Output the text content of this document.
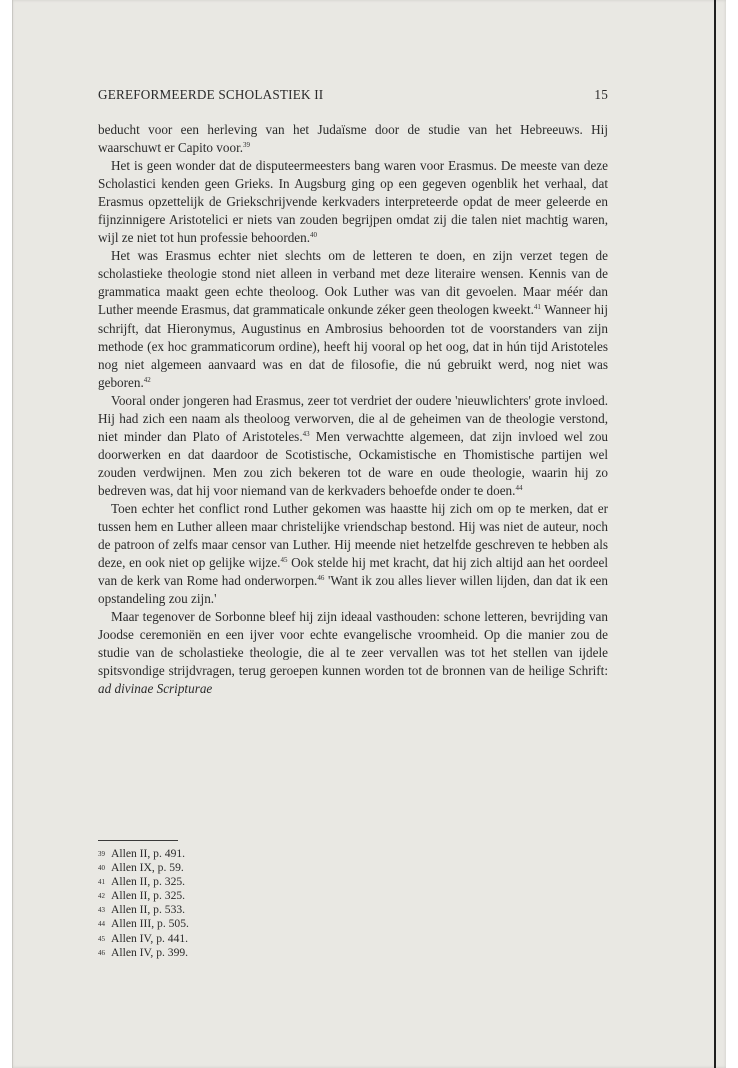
GEREFORMEERDE SCHOLASTIEK II	15

beducht voor een herleving van het Judaïsme door de studie van het Hebreeuws. Hij waarschuwt er Capito voor.$^{39}$

Het is geen wonder dat de disputeermeesters bang waren voor Erasmus. De meeste van deze Scholastici kenden geen Grieks. In Augsburg ging op een gegeven ogenblik het verhaal, dat Erasmus opzettelijk de Griekschrijvende kerkvaders interpreteerde opdat de meer geleerde en fijnzinnigere Aristotelici er niets van zouden begrijpen omdat zij die talen niet machtig waren, wijl ze niet tot hun professie behoorden.$^{40}$

Het was Erasmus echter niet slechts om de letteren te doen, en zijn verzet tegen de scholastieke theologie stond niet alleen in verband met deze literaire wensen. Kennis van de grammatica maakt geen echte theoloog. Ook Luther was van dit gevoelen. Maar méér dan Luther meende Erasmus, dat grammaticale onkunde zéker geen theologen kweekt.$^{41}$ Wanneer hij schrijft, dat Hieronymus, Augustinus en Ambrosius behoorden tot de voorstanders van zijn methode (ex hoc grammaticorum ordine), heeft hij vooral op het oog, dat in hún tijd Aristoteles nog niet algemeen aanvaard was en dat de filosofie, die nú gebruikt werd, nog niet was geboren.$^{42}$

Vooral onder jongeren had Erasmus, zeer tot verdriet der oudere 'nieuwlichters' grote invloed. Hij had zich een naam als theoloog verworven, die al de geheimen van de theologie verstond, niet minder dan Plato of Aristoteles.$^{43}$ Men verwachtte algemeen, dat zijn invloed wel zou doorwerken en dat daardoor de Scotistische, Ockamistische en Thomistische partijen wel zouden verdwijnen. Men zou zich bekeren tot de ware en oude theologie, waarin hij zo bedreven was, dat hij voor niemand van de kerkvaders behoefde onder te doen.$^{44}$

Toen echter het conflict rond Luther gekomen was haastte hij zich om op te merken, dat er tussen hem en Luther alleen maar christelijke vriendschap bestond. Hij was niet de auteur, noch de patroon of zelfs maar censor van Luther. Hij meende niet hetzelfde geschreven te hebben als deze, en ook niet op gelijke wijze.$^{45}$ Ook stelde hij met kracht, dat hij zich altijd aan het oordeel van de kerk van Rome had onderworpen.$^{46}$ 'Want ik zou alles liever willen lijden, dan dat ik een opstandeling zou zijn.'

Maar tegenover de Sorbonne bleef hij zijn ideaal vasthouden: schone letteren, bevrijding van Joodse ceremoniën en een ijver voor echte evangelische vroomheid. Op die manier zou de studie van de scholastieke theologie, die al te zeer vervallen was tot het stellen van ijdele spitsvondige strijdvragen, terug geroepen kunnen worden tot de bronnen van de heilige Schrift: ad divinae Scripturae

39 Allen II, p. 491.
40 Allen IX, p. 59.
41 Allen II, p. 325.
42 Allen II, p. 325.
43 Allen II, p. 533.
44 Allen III, p. 505.
45 Allen IV, p. 441.
46 Allen IV, p. 399.
